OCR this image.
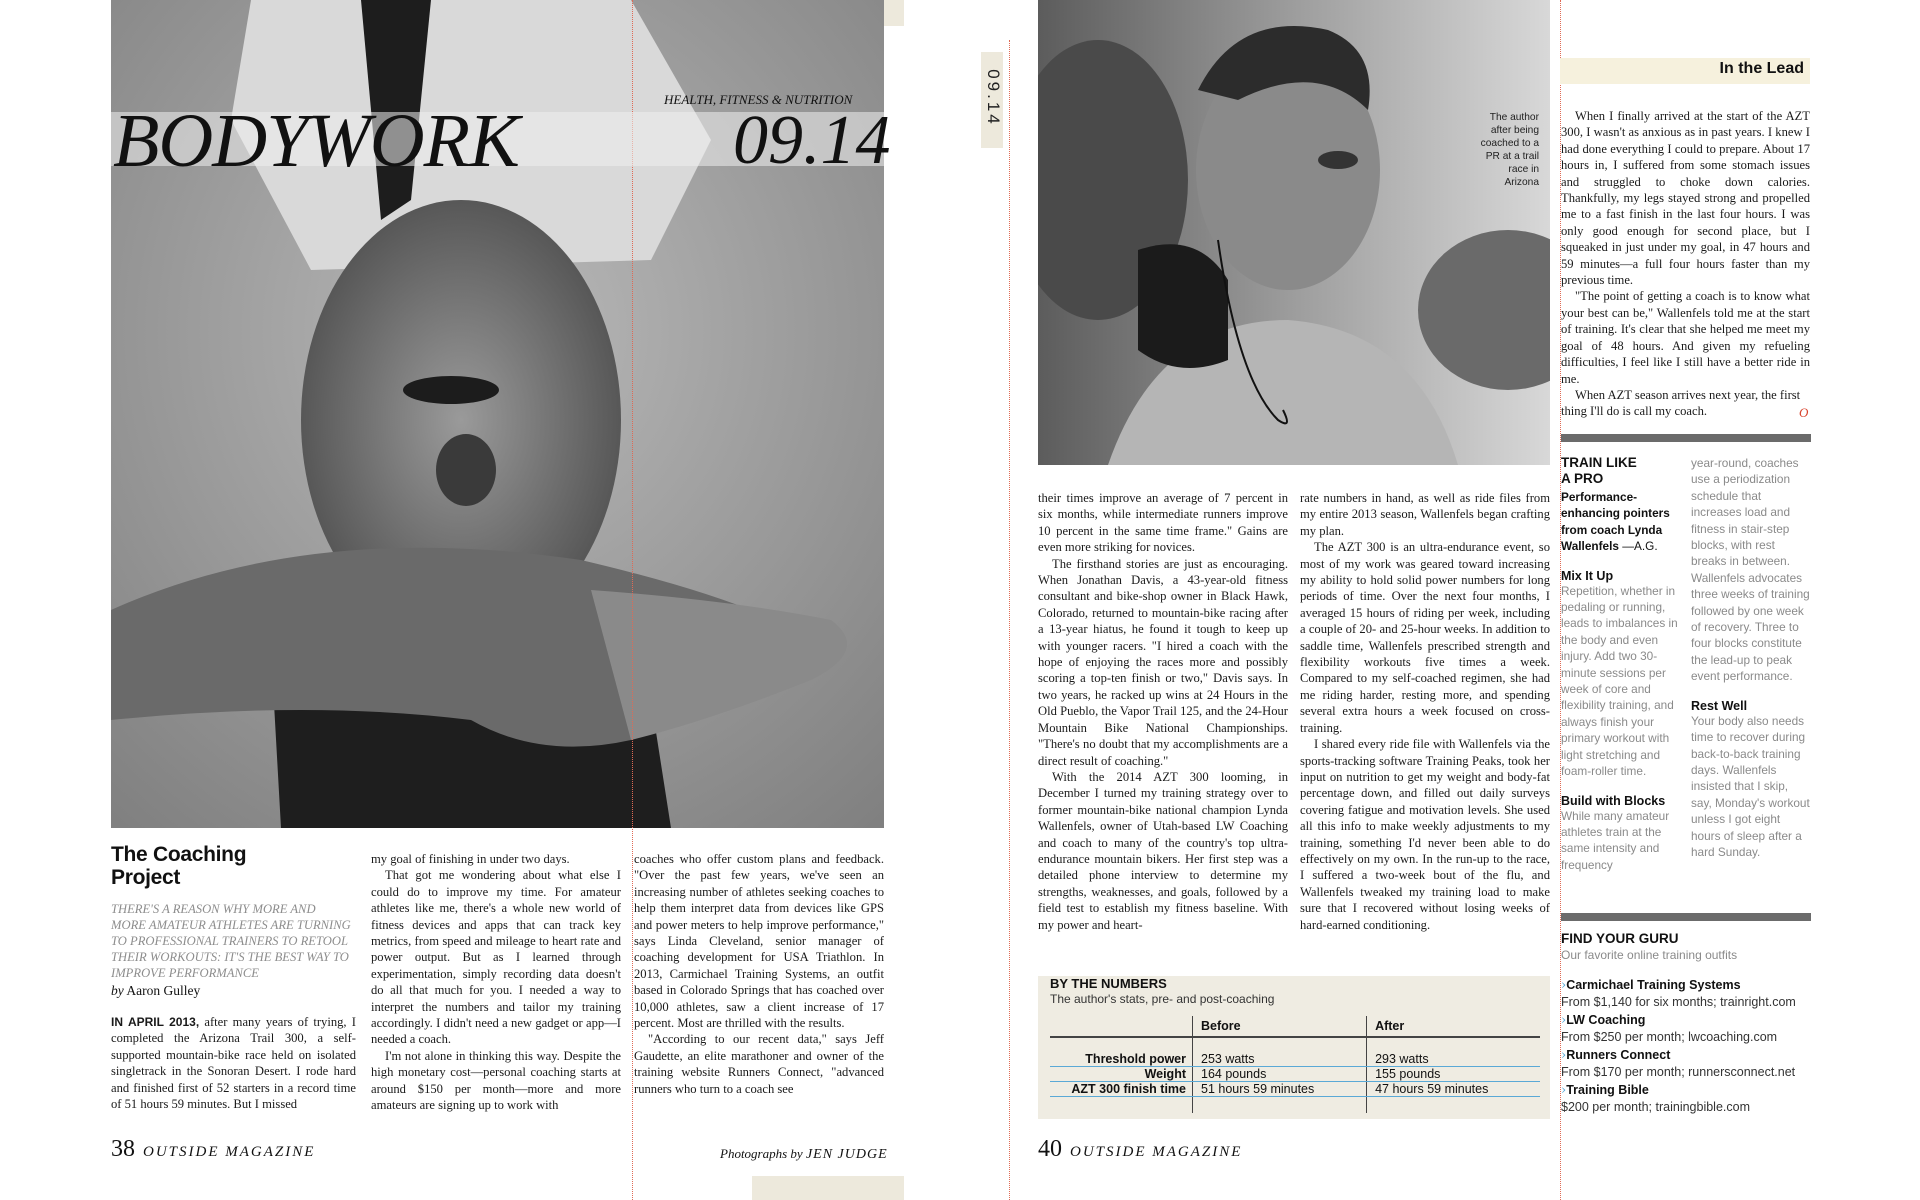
BODYWORK	HEALTH, FITNESS & NUTRITION
09.14
The Coaching
Project
THERE'S A REASON WHY MORE AND MORE AMATEUR ATHLETES ARE TURNING TO PROFESSIONAL TRAINERS TO RETOOL THEIR WORKOUTS: IT'S THE BEST WAY TO IMPROVE PERFORMANCE
by Aaron Gulley

IN APRIL 2013, after many years of trying, I completed the Arizona Trail 300, a self-supported mountain-bike race held on isolated singletrack in the Sonoran Desert. I rode hard and finished first of 52 starters in a record time of 51 hours 59 minutes. But I missed

my goal of finishing in under two days.

That got me wondering about what else I could do to improve my time. For amateur athletes like me, there's a whole new world of fitness devices and apps that can track key metrics, from speed and mileage to heart rate and power output. But as I learned through experimentation, simply recording data doesn't do all that much for you. I needed a way to interpret the numbers and tailor my training accordingly. I didn't need a new gadget or app—I needed a coach.

I'm not alone in thinking this way. Despite the high monetary cost—personal coaching starts at around $150 per month—more and more amateurs are signing up to work with

coaches who offer custom plans and feedback. "Over the past few years, we've seen an increasing number of athletes seeking coaches to help them interpret data from devices like GPS and power meters to help improve performance," says Linda Cleveland, senior manager of coaching development for USA Triathlon. In 2013, Carmichael Training Systems, an outfit based in Colorado Springs that has coached over 10,000 athletes, saw a client increase of 17 percent. Most are thrilled with the results.

"According to our recent data," says Jeff Gaudette, an elite marathoner and owner of the training website Runners Connect, "advanced runners who turn to a coach see

38 OUTSIDE MAGAZINE	Photographs by JEN JUDGE
09.14	The author after being coached to a PR at a trail race in Arizona

their times improve an average of 7 percent in six months, while intermediate runners improve 10 percent in the same time frame." Gains are even more striking for novices.

The firsthand stories are just as encouraging. When Jonathan Davis, a 43-year-old fitness consultant and bike-shop owner in Black Hawk, Colorado, returned to mountain-bike racing after a 13-year hiatus, he found it tough to keep up with younger racers. "I hired a coach with the hope of enjoying the races more and possibly scoring a top-ten finish or two," Davis says. In two years, he racked up wins at 24 Hours in the Old Pueblo, the Vapor Trail 125, and the 24-Hour Mountain Bike National Championships. "There's no doubt that my accomplishments are a direct result of coaching."

With the 2014 AZT 300 looming, in December I turned my training strategy over to former mountain-bike national champion Lynda Wallenfels, owner of Utah-based LW Coaching and coach to many of the country's top ultra-endurance mountain bikers. Her first step was a detailed phone interview to determine my strengths, weaknesses, and goals, followed by a field test to establish my fitness baseline. With my power and heart-

rate numbers in hand, as well as ride files from my entire 2013 season, Wallenfels began crafting my plan.

The AZT 300 is an ultra-endurance event, so most of my work was geared toward increasing my ability to hold solid power numbers for long periods of time. Over the next four months, I averaged 15 hours of riding per week, including a couple of 20- and 25-hour weeks. In addition to saddle time, Wallenfels prescribed strength and flexibility workouts five times a week. Compared to my self-coached regimen, she had me riding harder, resting more, and spending several extra hours a week focused on cross-training.

I shared every ride file with Wallenfels via the sports-tracking software Training Peaks, took her input on nutrition to get my weight and body-fat percentage down, and filled out daily surveys covering fatigue and motivation levels. She used all this info to make weekly adjustments to my training, something I'd never been able to do effectively on my own. In the run-up to the race, I suffered a two-week bout of the flu, and Wallenfels tweaked my training load to make sure that I recovered without losing weeks of hard-earned conditioning.

BY THE NUMBERS
The author's stats, pre- and post-coaching
	Before	After

Threshold power	253 watts	293 watts
Weight	164 pounds	155 pounds
AZT 300 finish time	51 hours 59 minutes	47 hours 59 minutes

40 OUTSIDE MAGAZINE
In the Lead

When I finally arrived at the start of the AZT 300, I wasn't as anxious as in past years. I knew I had done everything I could to prepare. About 17 hours in, I suffered from some stomach issues and struggled to choke down calories. Thankfully, my legs stayed strong and propelled me to a fast finish in the last four hours. I was only good enough for second place, but I squeaked in just under my goal, in 47 hours and 59 minutes—a full four hours faster than my previous time.

"The point of getting a coach is to know what your best can be," Wallenfels told me at the start of training. It's clear that she helped me meet my goal of 48 hours. And given my refueling difficulties, I feel like I still have a better ride in me.

When AZT season arrives next year, the first thing I'll do is call my coach.	O
TRAIN LIKE
A PRO
Performance-enhancing pointers from coach Lynda Wallenfels —A.G.
Mix It Up
Repetition, whether in pedaling or running, leads to imbalances in the body and even injury. Add two 30-minute sessions per week of core and flexibility training, and always finish your primary workout with light stretching and foam-roller time.
Build with Blocks
While many amateur athletes train at the same intensity and frequency
year-round, coaches use a periodization schedule that increases load and fitness in stair-step blocks, with rest breaks in between. Wallenfels advocates three weeks of training followed by one week of recovery. Three to four blocks constitute the lead-up to peak event performance.
Rest Well
Your body also needs time to recover during back-to-back training days. Wallenfels insisted that I skip, say, Monday's workout unless I got eight hours of sleep after a hard Sunday.
FIND YOUR GURU
Our favorite online training outfits
›Carmichael Training Systems
From $1,140 for six months; trainright.com
›LW Coaching
From $250 per month; lwcoaching.com
›Runners Connect
From $170 per month; runnersconnect.net
›Training Bible
$200 per month; trainingbible.com
